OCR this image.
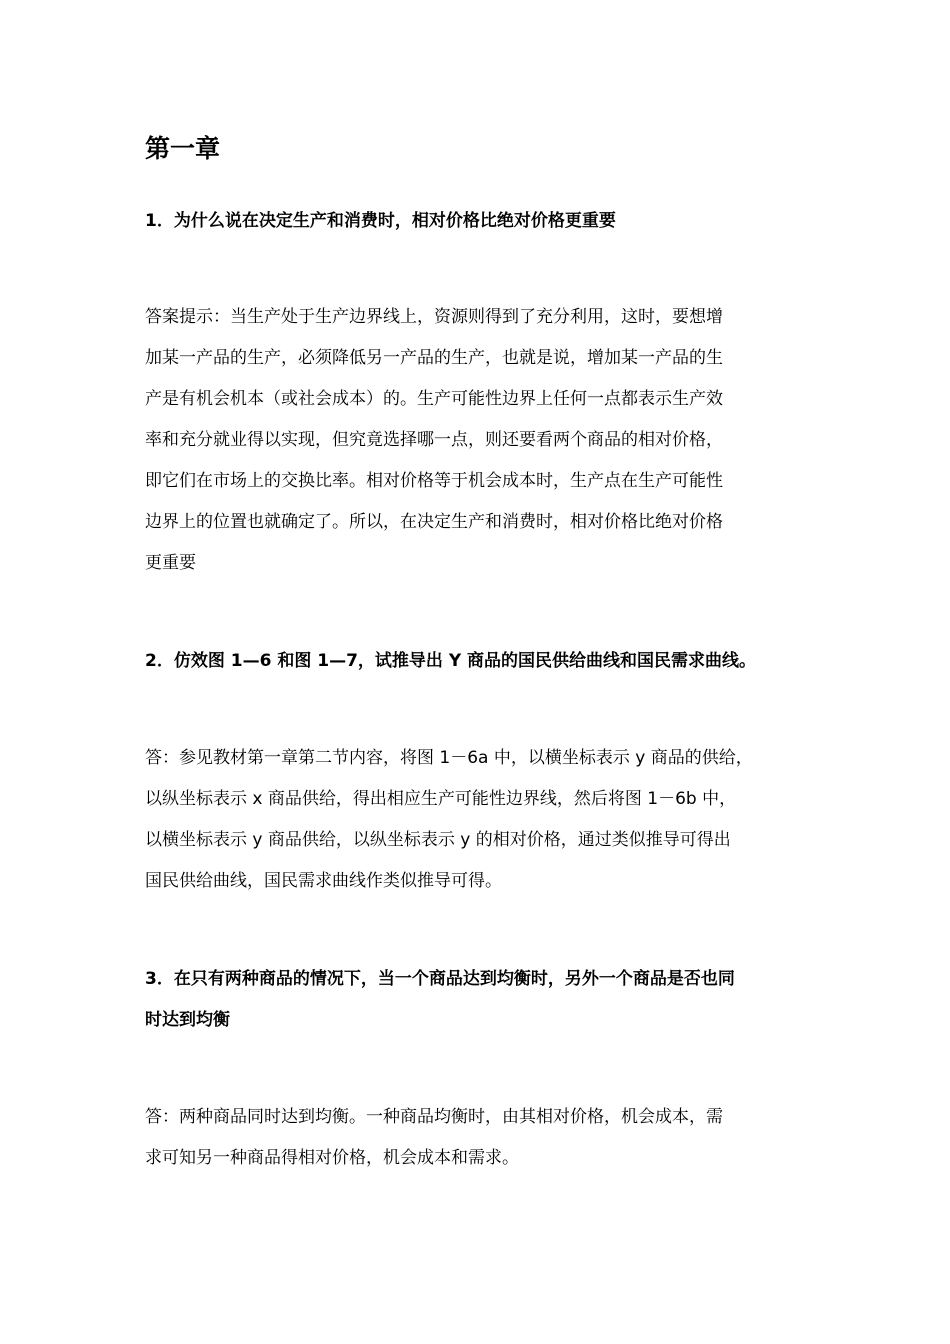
第一章

1．为什么说在决定生产和消费时，相对价格比绝对价格更重要

答案提示：当生产处于生产边界线上，资源则得到了充分利用，这时，要想增
加某一产品的生产，必须降低另一产品的生产，也就是说，增加某一产品的生
产是有机会机本（或社会成本）的。生产可能性边界上任何一点都表示生产效
率和充分就业得以实现，但究竟选择哪一点，则还要看两个商品的相对价格，
即它们在市场上的交换比率。相对价格等于机会成本时，生产点在生产可能性
边界上的位置也就确定了。所以，在决定生产和消费时，相对价格比绝对价格
更重要

2．仿效图 1—6 和图 1—7，试推导出 Y 商品的国民供给曲线和国民需求曲线。

答：参见教材第一章第二节内容，将图 1－6a 中，以横坐标表示 y 商品的供给，
以纵坐标表示 x 商品供给，得出相应生产可能性边界线，然后将图 1－6b 中，
以横坐标表示 y 商品供给，以纵坐标表示 y 的相对价格，通过类似推导可得出
国民供给曲线，国民需求曲线作类似推导可得。
3．在只有两种商品的情况下，当一个商品达到均衡时，另外一个商品是否也同
时达到均衡
答：两种商品同时达到均衡。一种商品均衡时，由其相对价格，机会成本，需
求可知另一种商品得相对价格，机会成本和需求。
